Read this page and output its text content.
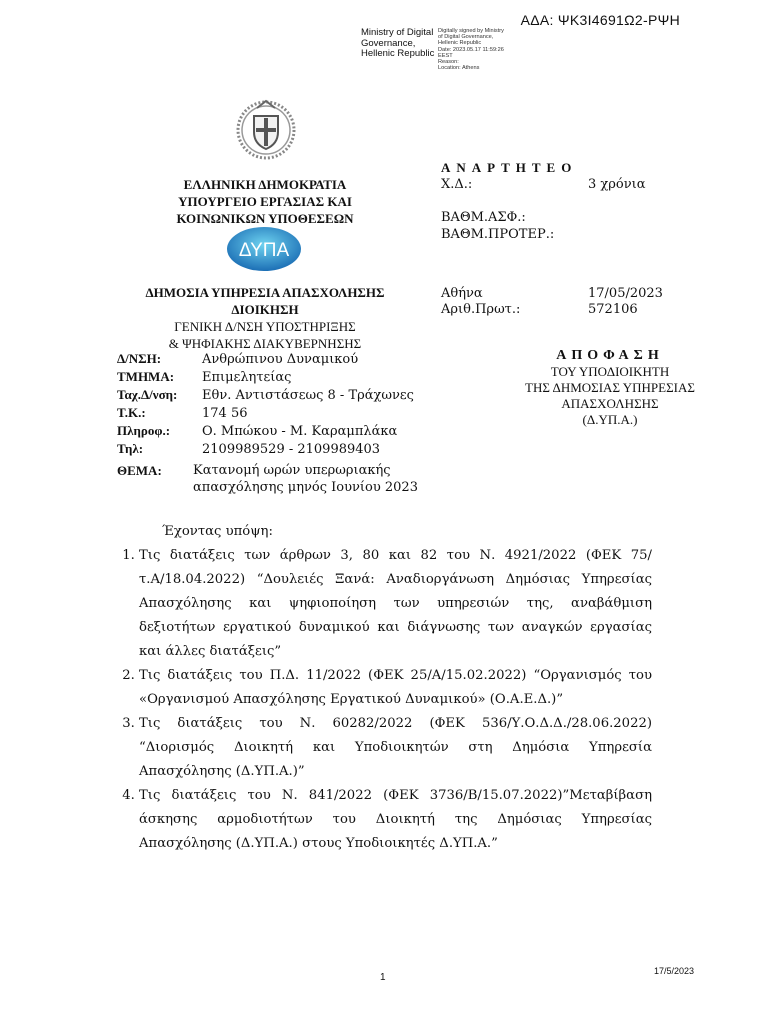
ΑΔΑ: ΨΚ3Ι4691Ω2-ΡΨΗ
Ministry of Digital
Governance,
Hellenic Republic
Digitally signed by Ministry
of Digital Governance,
Hellenic Republic
Date: 2023.05.17 11:59:26
EEST
Reason:
Location: Athens
ΕΛΛΗΝΙΚΗ ΔΗΜΟΚΡΑΤΙΑ
ΥΠΟΥΡΓΕΙΟ ΕΡΓΑΣΙΑΣ ΚΑΙ
ΚΟΙΝΩΝΙΚΩΝ ΥΠΟΘΕΣΕΩΝ
ΔΥΠΑ
ΔΗΜΟΣΙΑ ΥΠΗΡΕΣΙΑ ΑΠΑΣΧΟΛΗΣΗΣ
ΔΙΟΙΚΗΣΗ
ΓΕΝΙΚΗ Δ/ΝΣΗ ΥΠΟΣΤΗΡΙΞΗΣ
& ΨΗΦΙΑΚΗΣ ΔΙΑΚΥΒΕΡΝΗΣΗΣ
Δ/ΝΣΗ:	Ανθρώπινου Δυναμικού
ΤΜΗΜΑ: Επιμελητείας
Ταχ.Δ/νση: Εθν. Αντιστάσεως 8 - Τράχωνες
Τ.Κ.:	174 56
Πληροφ.: Ο. Μπώκου - Μ. Καραμπλάκα
Τηλ:	2109989529 - 2109989403
ΘΕΜΑ: Κατανομή ωρών υπερωριακής
απασχόλησης μηνός Ιουνίου 2023
ΑΝΑΡΤΗΤΕΟ
Χ.Δ.:	3 χρόνια
ΒΑΘΜ.ΑΣΦ.:
ΒΑΘΜ.ΠΡΟΤΕΡ.:
Αθήνα	17/05/2023
Αριθ.Πρωτ.:	572106
ΑΠΟΦΑΣΗ
ΤΟΥ ΥΠΟΔΙΟΙΚΗΤΗ
ΤΗΣ ΔΗΜΟΣΙΑΣ ΥΠΗΡΕΣΙΑΣ
ΑΠΑΣΧΟΛΗΣΗΣ
(Δ.ΥΠ.Α.)
Έχοντας υπόψη:
1. Τις διατάξεις των άρθρων 3, 80 και 82 του Ν. 4921/2022 (ΦΕΚ 75/τ.Α/18.04.2022) “Δουλειές Ξανά: Αναδιοργάνωση Δημόσιας Υπηρεσίας Απασχόλησης και ψηφιοποίηση των υπηρεσιών της, αναβάθμιση δεξιοτήτων εργατικού δυναμικού και διάγνωσης των αναγκών εργασίας και άλλες διατάξεις”
2. Τις διατάξεις του Π.Δ. 11/2022 (ΦΕΚ 25/Α/15.02.2022) “Οργανισμός του «Οργανισμού Απασχόλησης Εργατικού Δυναμικού» (Ο.Α.Ε.Δ.)”
3. Τις διατάξεις του Ν. 60282/2022 (ΦΕΚ 536/Υ.Ο.Δ.Δ./28.06.2022) “Διορισμός Διοικητή και Υποδιοικητών στη Δημόσια Υπηρεσία Απασχόλησης (Δ.ΥΠ.Α.)”
4. Τις διατάξεις του Ν. 841/2022 (ΦΕΚ 3736/Β/15.07.2022)”Μεταβίβαση άσκησης αρμοδιοτήτων του Διοικητή της Δημόσιας Υπηρεσίας Απασχόλησης (Δ.ΥΠ.Α.) στους Υποδιοικητές Δ.ΥΠ.Α.”
1
17/5/2023
